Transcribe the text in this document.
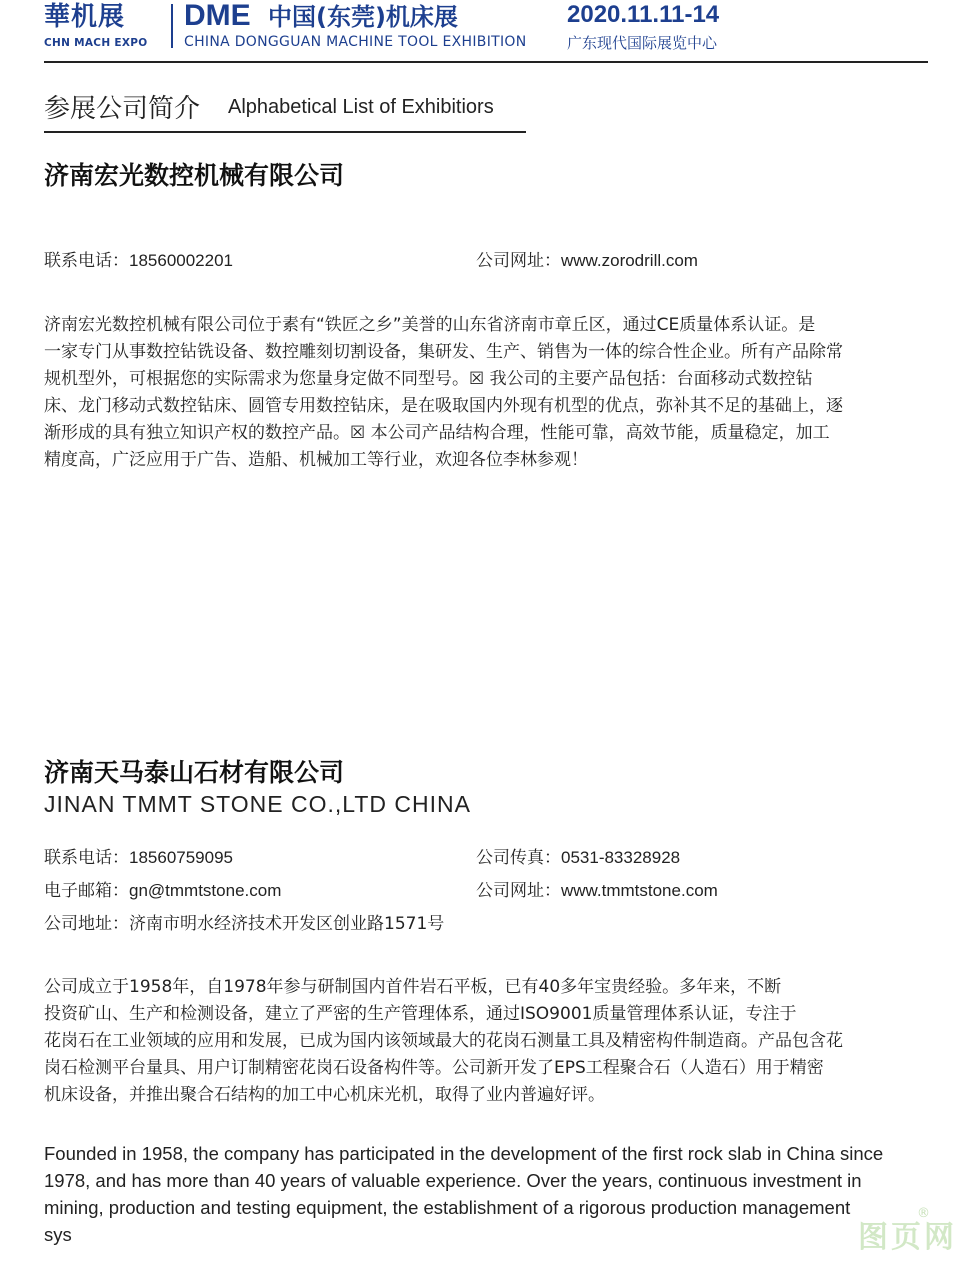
華机展
CHN MACH EXPO
DME 中国(东莞)机床展
CHINA DONGGUAN MACHINE TOOL EXHIBITION
2020.11.11-14
广东现代国际展览中心
参展公司简介 Alphabetical List of Exhibitiors
济南宏光数控机械有限公司
联系电话：18560002201	公司网址：www.zorodrill.com

济南宏光数控机械有限公司位于素有“铁匠之乡”美誉的山东省济南市章丘区，通过CE质量体系认证。是

一家专门从事数控钻铣设备、数控雕刻切割设备，集研发、生产、销售为一体的综合性企业。所有产品除常

规机型外，可根据您的实际需求为您量身定做不同型号。☒ 我公司的主要产品包括：台面移动式数控钻

床、龙门移动式数控钻床、圆管专用数控钻床，是在吸取国内外现有机型的优点，弥补其不足的基础上，逐

渐形成的具有独立知识产权的数控产品。☒ 本公司产品结构合理，性能可靠，高效节能，质量稳定，加工

精度高，广泛应用于广告、造船、机械加工等行业，欢迎各位李林参观！

济南天马泰山石材有限公司
JINAN TMMT STONE CO.,LTD CHINA
联系电话：18560759095	公司传真：0531-83328928
电子邮箱：gn@tmmtstone.com	公司网址：www.tmmtstone.com
公司地址：济南市明水经济技术开发区创业路1571号

公司成立于1958年，自1978年参与研制国内首件岩石平板，已有40多年宝贵经验。多年来，不断

投资矿山、生产和检测设备，建立了严密的生产管理体系，通过ISO9001质量管理体系认证，专注于

花岗石在工业领域的应用和发展，已成为国内该领域最大的花岗石测量工具及精密构件制造商。产品包含花

岗石检测平台量具、用户订制精密花岗石设备构件等。公司新开发了EPS工程聚合石（人造石）用于精密

机床设备，并推出聚合石结构的加工中心机床光机，取得了业内普遍好评。

Founded in 1958, the company has participated in the development of the first rock slab in China since

1978, and has more than 40 years of valuable experience. Over the years, continuous investment in

mining, production and testing equipment, the establishment of a rigorous production management

sys	图页网
®
